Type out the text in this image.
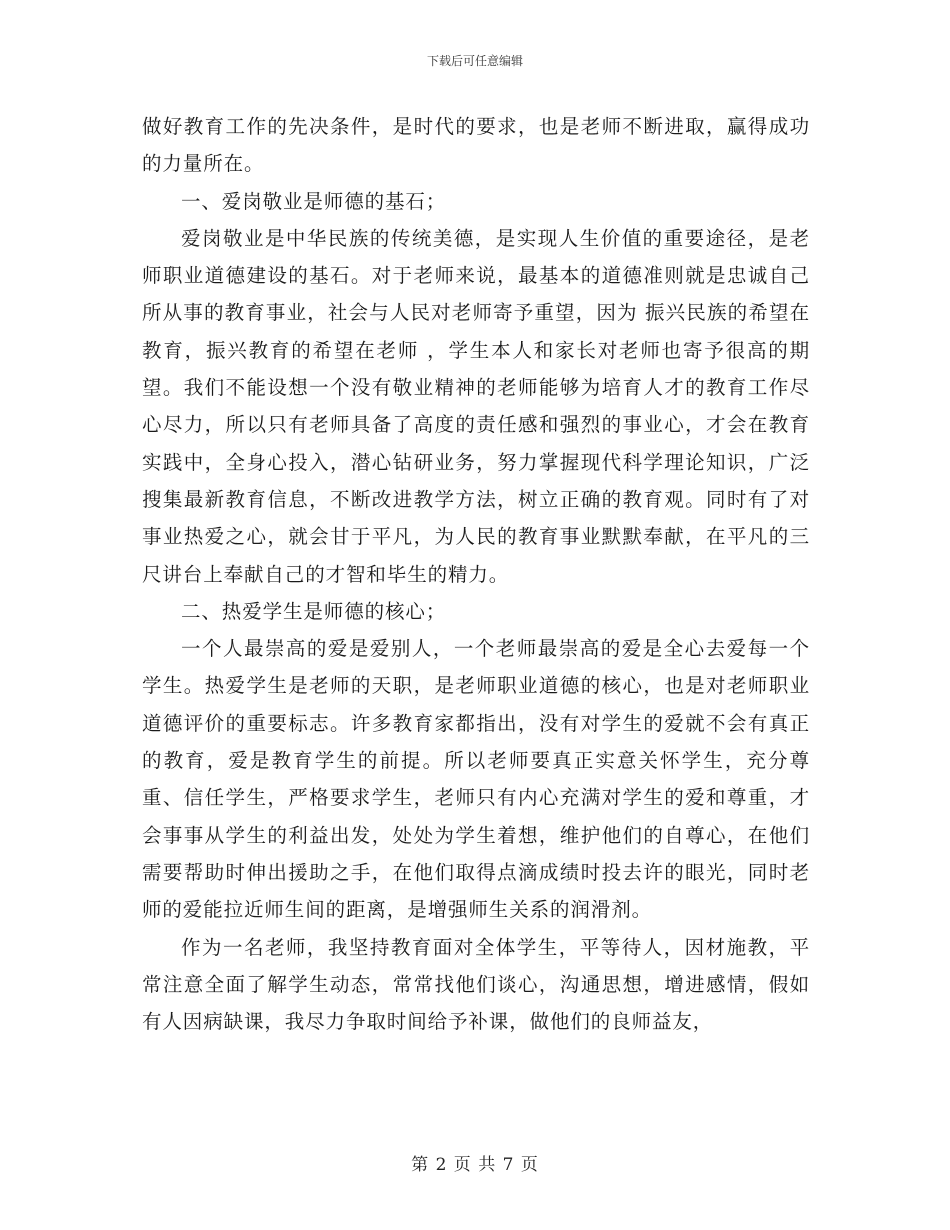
下载后可任意编辑

做好教育工作的先决条件，是时代的要求，也是老师不断进取，赢得成功的力量所在。

一、爱岗敬业是师德的基石；

爱岗敬业是中华民族的传统美德，是实现人生价值的重要途径，是老师职业道德建设的基石。对于老师来说，最基本的道德准则就是忠诚自己所从事的教育事业，社会与人民对老师寄予重望，因为 振兴民族的希望在教育，振兴教育的希望在老师 ，学生本人和家长对老师也寄予很高的期望。我们不能设想一个没有敬业精神的老师能够为培育人才的教育工作尽心尽力，所以只有老师具备了高度的责任感和强烈的事业心，才会在教育实践中，全身心投入，潜心钻研业务，努力掌握现代科学理论知识，广泛搜集最新教育信息，不断改进教学方法，树立正确的教育观。同时有了对事业热爱之心，就会甘于平凡，为人民的教育事业默默奉献，在平凡的三尺讲台上奉献自己的才智和毕生的精力。

二、热爱学生是师德的核心；

一个人最崇高的爱是爱别人，一个老师最崇高的爱是全心去爱每一个学生。热爱学生是老师的天职，是老师职业道德的核心，也是对老师职业道德评价的重要标志。许多教育家都指出，没有对学生的爱就不会有真正的教育，爱是教育学生的前提。所以老师要真正实意关怀学生，充分尊重、信任学生，严格要求学生，老师只有内心充满对学生的爱和尊重，才会事事从学生的利益出发，处处为学生着想，维护他们的自尊心，在他们需要帮助时伸出援助之手，在他们取得点滴成绩时投去许的眼光，同时老师的爱能拉近师生间的距离，是增强师生关系的润滑剂。

作为一名老师，我坚持教育面对全体学生，平等待人，因材施教，平常注意全面了解学生动态，常常找他们谈心，沟通思想，增进感情，假如有人因病缺课，我尽力争取时间给予补课，做他们的良师益友，

第 2 页 共 7 页
